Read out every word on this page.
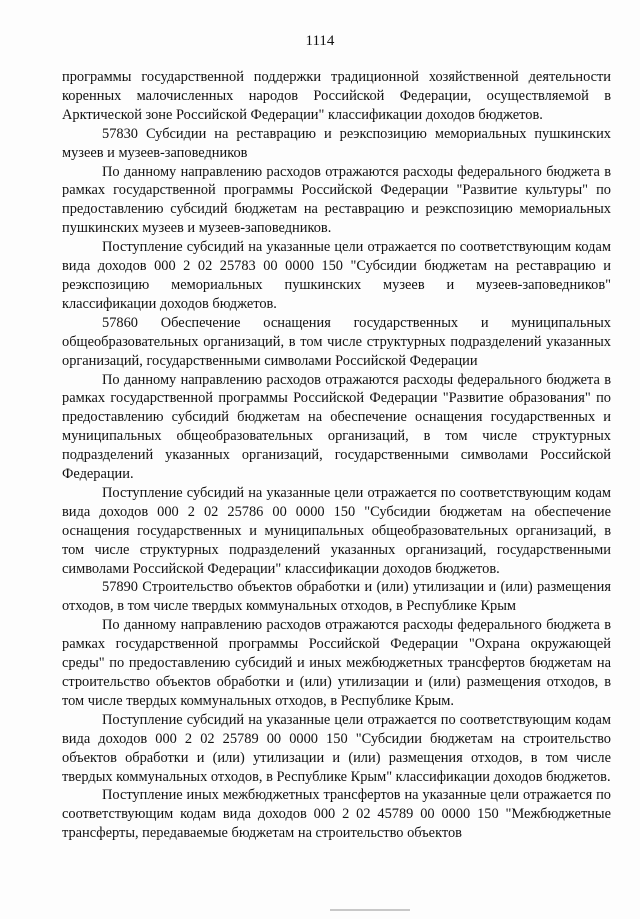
1114

программы государственной поддержки традиционной хозяйственной деятельности коренных малочисленных народов Российской Федерации, осуществляемой в Арктической зоне Российской Федерации" классификации доходов бюджетов.

57830 Субсидии на реставрацию и реэкспозицию мемориальных пушкинских музеев и музеев-заповедников

По данному направлению расходов отражаются расходы федерального бюджета в рамках государственной программы Российской Федерации "Развитие культуры" по предоставлению субсидий бюджетам на реставрацию и реэкспозицию мемориальных пушкинских музеев и музеев-заповедников.

Поступление субсидий на указанные цели отражается по соответствующим кодам вида доходов 000 2 02 25783 00 0000 150 "Субсидии бюджетам на реставрацию и реэкспозицию мемориальных пушкинских музеев и музеев-заповедников" классификации доходов бюджетов.

57860 Обеспечение оснащения государственных и муниципальных общеобразовательных организаций, в том числе структурных подразделений указанных организаций, государственными символами Российской Федерации

По данному направлению расходов отражаются расходы федерального бюджета в рамках государственной программы Российской Федерации "Развитие образования" по предоставлению субсидий бюджетам на обеспечение оснащения государственных и муниципальных общеобразовательных организаций, в том числе структурных подразделений указанных организаций, государственными символами Российской Федерации.

Поступление субсидий на указанные цели отражается по соответствующим кодам вида доходов 000 2 02 25786 00 0000 150 "Субсидии бюджетам на обеспечение оснащения государственных и муниципальных общеобразовательных организаций, в том числе структурных подразделений указанных организаций, государственными символами Российской Федерации" классификации доходов бюджетов.

57890 Строительство объектов обработки и (или) утилизации и (или) размещения отходов, в том числе твердых коммунальных отходов, в Республике Крым

По данному направлению расходов отражаются расходы федерального бюджета в рамках государственной программы Российской Федерации "Охрана окружающей среды" по предоставлению субсидий и иных межбюджетных трансфертов бюджетам на строительство объектов обработки и (или) утилизации и (или) размещения отходов, в том числе твердых коммунальных отходов, в Республике Крым.

Поступление субсидий на указанные цели отражается по соответствующим кодам вида доходов 000 2 02 25789 00 0000 150 "Субсидии бюджетам на строительство объектов обработки и (или) утилизации и (или) размещения отходов, в том числе твердых коммунальных отходов, в Республике Крым" классификации доходов бюджетов.

Поступление иных межбюджетных трансфертов на указанные цели отражается по соответствующим кодам вида доходов 000 2 02 45789 00 0000 150 "Межбюджетные трансферты, передаваемые бюджетам на строительство объектов
